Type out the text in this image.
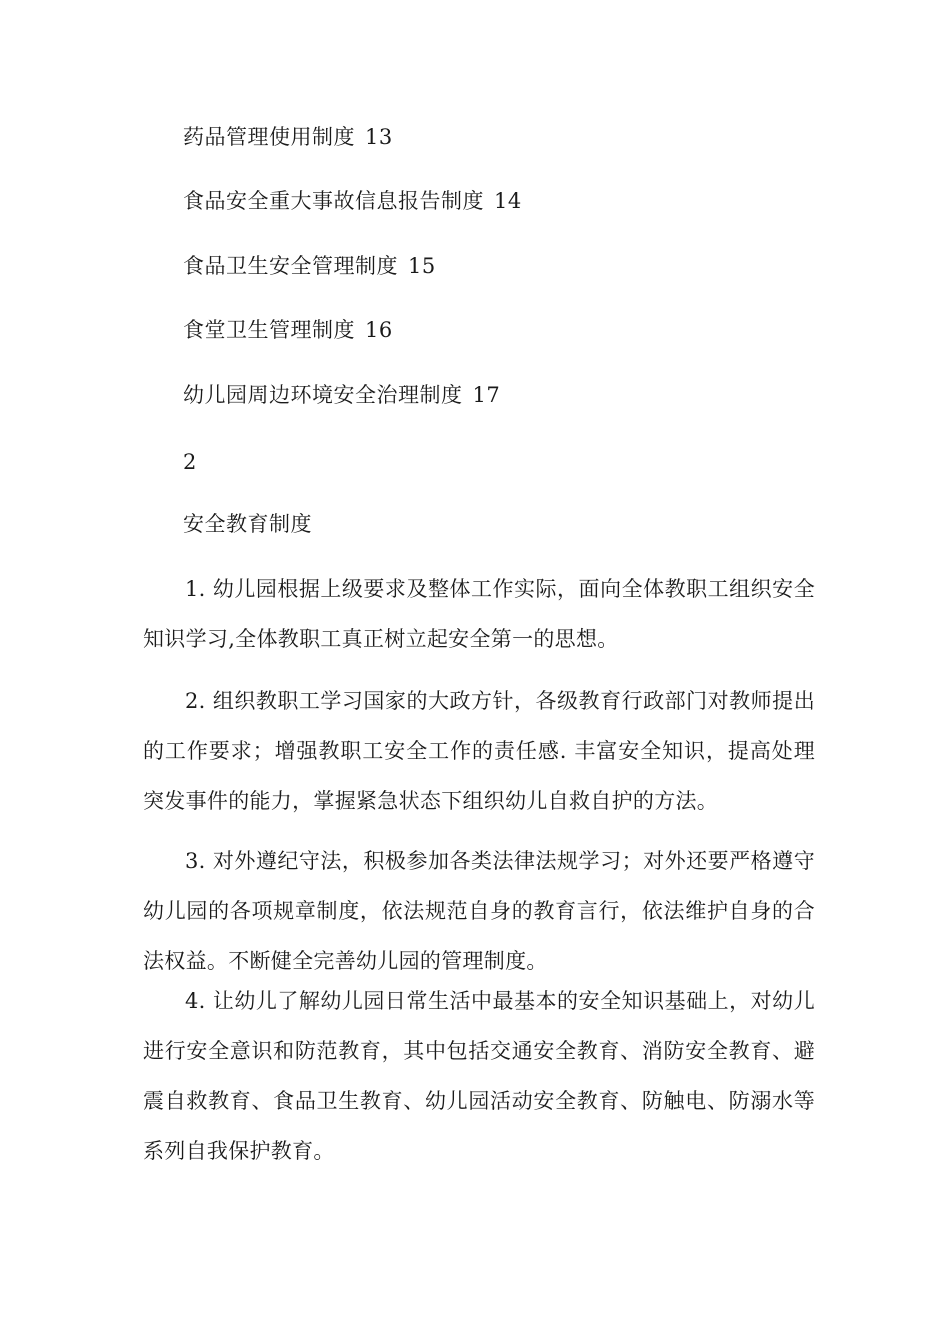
药品管理使用制度 13
食品安全重大事故信息报告制度 14
食品卫生安全管理制度 15
食堂卫生管理制度 16
幼儿园周边环境安全治理制度 17
2
安全教育制度

1. 幼儿园根据上级要求及整体工作实际，面向全体教职工组织安全知识学习,全体教职工真正树立起安全第一的思想。

2. 组织教职工学习国家的大政方针，各级教育行政部门对教师提出的工作要求；增强教职工安全工作的责任感. 丰富安全知识，提高处理突发事件的能力，掌握紧急状态下组织幼儿自救自护的方法。

3. 对外遵纪守法，积极参加各类法律法规学习；对外还要严格遵守幼儿园的各项规章制度，依法规范自身的教育言行，依法维护自身的合法权益。不断健全完善幼儿园的管理制度。

4. 让幼儿了解幼儿园日常生活中最基本的安全知识基础上，对幼儿进行安全意识和防范教育，其中包括交通安全教育、消防安全教育、避震自救教育、食品卫生教育、幼儿园活动安全教育、防触电、防溺水等系列自我保护教育。
